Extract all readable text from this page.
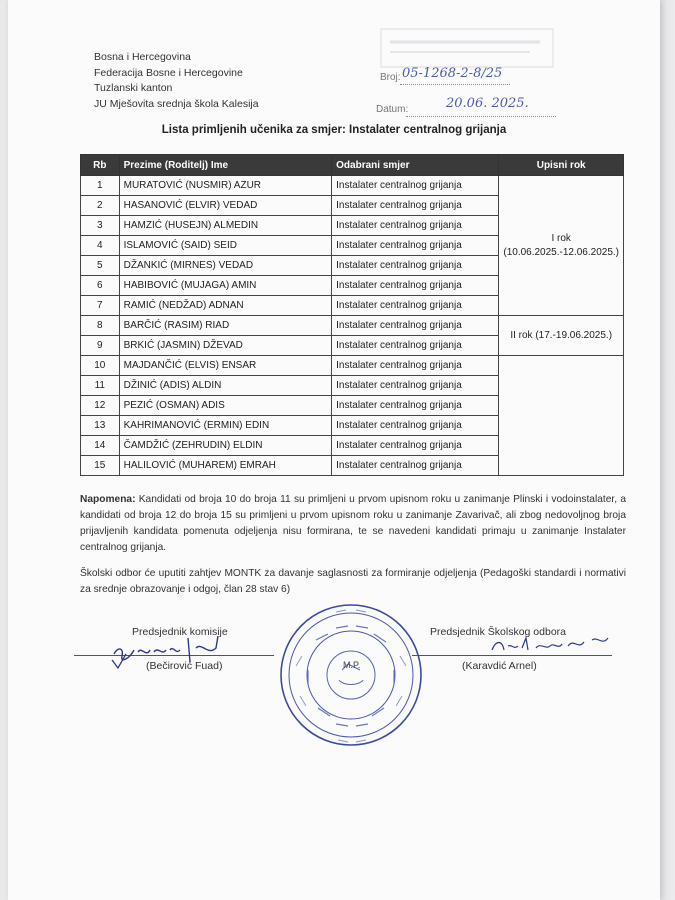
Bosna i Hercegovina
Federacija Bosne i Hercegovine
Tuzlanski kanton
JU Mješovita srednja škola Kalesija
Broj: 05-1268-2-8/25
Datum:	20.06. 2025.
Lista primljenih učenika za smjer: Instalater centralnog grijanja
Rb	Prezime (Roditelj) Ime	Odabrani smjer	Upisni rok
1	MURATOVIĆ (NUSMIR) AZUR	Instalater centralnog grijanja	I rok (10.06.2025.-12.06.2025.)
2	HASANOVIĆ (ELVIR) VEDAD	Instalater centralnog grijanja	
3	HAMZIĆ (HUSEJN) ALMEDIN	Instalater centralnog grijanja	
4	ISLAMOVIĆ (SAID) SEID	Instalater centralnog grijanja	
5	DŽANKIĆ (MIRNES) VEDAD	Instalater centralnog grijanja	
6	HABIBOVIĆ (MUJAGA) AMIN	Instalater centralnog grijanja	
7	RAMIĆ (NEDŽAD) ADNAN	Instalater centralnog grijanja	
8	BARČIĆ (RASIM) RIAD	Instalater centralnog grijanja	II rok (17.-19.06.2025.)
9	BRKIĆ (JASMIN) DŽEVAD	Instalater centralnog grijanja	
10	MAJDANČIĆ (ELVIS) ENSAR	Instalater centralnog grijanja	
11	DŽINIĆ (ADIS) ALDIN	Instalater centralnog grijanja	
12	PEZIĆ (OSMAN) ADIS	Instalater centralnog grijanja	
13	KAHRIMANOVIĆ (ERMIN) EDIN	Instalater centralnog grijanja	
14	ČAMDŽIĆ (ZEHRUDIN) ELDIN	Instalater centralnog grijanja	
15	HALILOVIĆ (MUHAREM) EMRAH	Instalater centralnog grijanja	
Napomena: Kandidati od broja 10 do broja 11 su primljeni u prvom upisnom roku u zanimanje Plinski i vodoinstalater, a kandidati od broja 12 do broja 15 su primljeni u prvom upisnom roku u zanimanje Zavarivač, ali zbog nedovoljnog broja prijavljenih kandidata pomenuta odjeljenja nisu formirana, te se navedeni kandidati primaju u zanimanje Instalater centralnog grijanja.
Školski odbor će uputiti zahtjev MONTK za davanje saglasnosti za formiranje odjeljenja (Pedagoški standardi i normativi za srednje obrazovanje i odgoj, član 28 stav 6)
Predsjednik komisije
(Bečirović Fuad)
Predsjednik Školskog odbora
(Karavdić Arnel)
M.P.
